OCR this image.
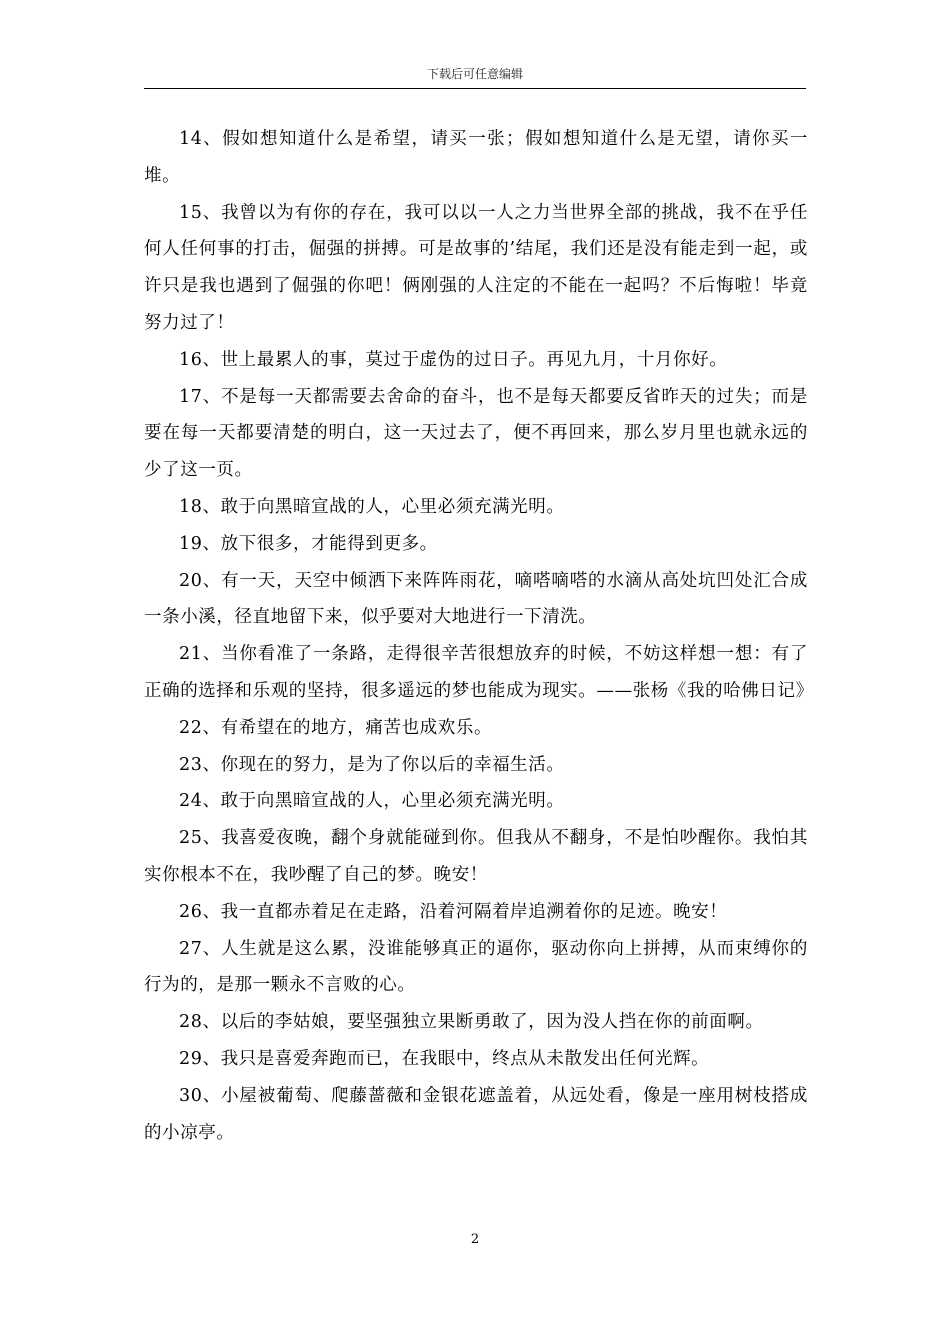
下载后可任意编辑

14、假如想知道什么是希望，请买一张；假如想知道什么是无望，请你买一堆。

15、我曾以为有你的存在，我可以以一人之力当世界全部的挑战，我不在乎任何人任何事的打击，倔强的拼搏。可是故事的’结尾，我们还是没有能走到一起，或许只是我也遇到了倔强的你吧！俩刚强的人注定的不能在一起吗？不后悔啦！毕竟努力过了！

16、世上最累人的事，莫过于虚伪的过日子。再见九月，十月你好。

17、不是每一天都需要去舍命的奋斗，也不是每天都要反省昨天的过失；而是要在每一天都要清楚的明白，这一天过去了，便不再回来，那么岁月里也就永远的少了这一页。

18、敢于向黑暗宣战的人，心里必须充满光明。

19、放下很多，才能得到更多。

20、有一天，天空中倾洒下来阵阵雨花，嘀嗒嘀嗒的水滴从高处坑凹处汇合成一条小溪，径直地留下来，似乎要对大地进行一下清洗。

21、当你看准了一条路，走得很辛苦很想放弃的时候，不妨这样想一想：有了正确的选择和乐观的坚持，很多遥远的梦也能成为现实。——张杨《我的哈佛日记》

22、有希望在的地方，痛苦也成欢乐。

23、你现在的努力，是为了你以后的幸福生活。

24、敢于向黑暗宣战的人，心里必须充满光明。

25、我喜爱夜晚，翻个身就能碰到你。但我从不翻身，不是怕吵醒你。我怕其实你根本不在，我吵醒了自己的梦。晚安！

26、我一直都赤着足在走路，沿着河隔着岸追溯着你的足迹。晚安！

27、人生就是这么累，没谁能够真正的逼你，驱动你向上拼搏，从而束缚你的行为的，是那一颗永不言败的心。

28、以后的李姑娘，要坚强独立果断勇敢了，因为没人挡在你的前面啊。

29、我只是喜爱奔跑而已，在我眼中，终点从未散发出任何光辉。

30、小屋被葡萄、爬藤蔷薇和金银花遮盖着，从远处看，像是一座用树枝搭成的小凉亭。

2
